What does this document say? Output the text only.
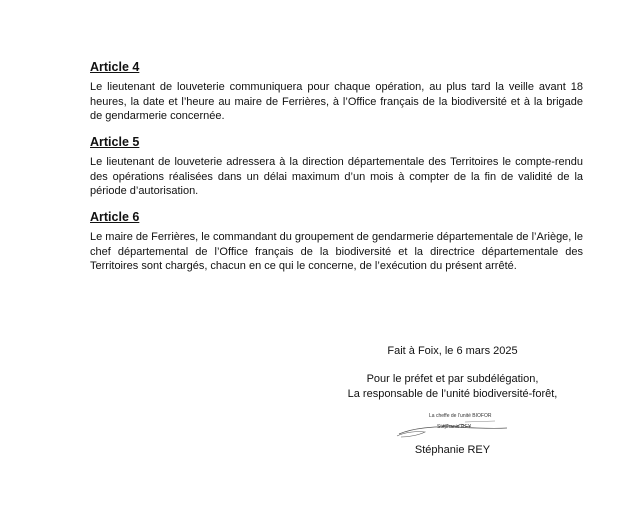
Article 4

Le lieutenant de louveterie communiquera pour chaque opération, au plus tard la veille avant 18 heures, la date et l’heure au maire de Ferrières, à l’Office français de la biodiversité et à la brigade de gendarmerie concernée.

Article 5

Le lieutenant de louveterie adressera à la direction départementale des Territoires le compte-rendu des opérations réalisées dans un délai maximum d’un mois à compter de la fin de validité de la période d’autorisation.

Article 6

Le maire de Ferrières, le commandant du groupement de gendarmerie départementale de l’Ariège, le chef départemental de l’Office français de la biodiversité et la directrice départementale des Territoires sont chargés, chacun en ce qui le concerne, de l’exécution du présent arrêté.

Fait à Foix, le 6 mars 2025
Pour le préfet et par subdélégation,
La responsable de l’unité biodiversité-forêt,
La cheffe de l’unité BIOFOR
Stéphanie REY
Stéphanie REY
